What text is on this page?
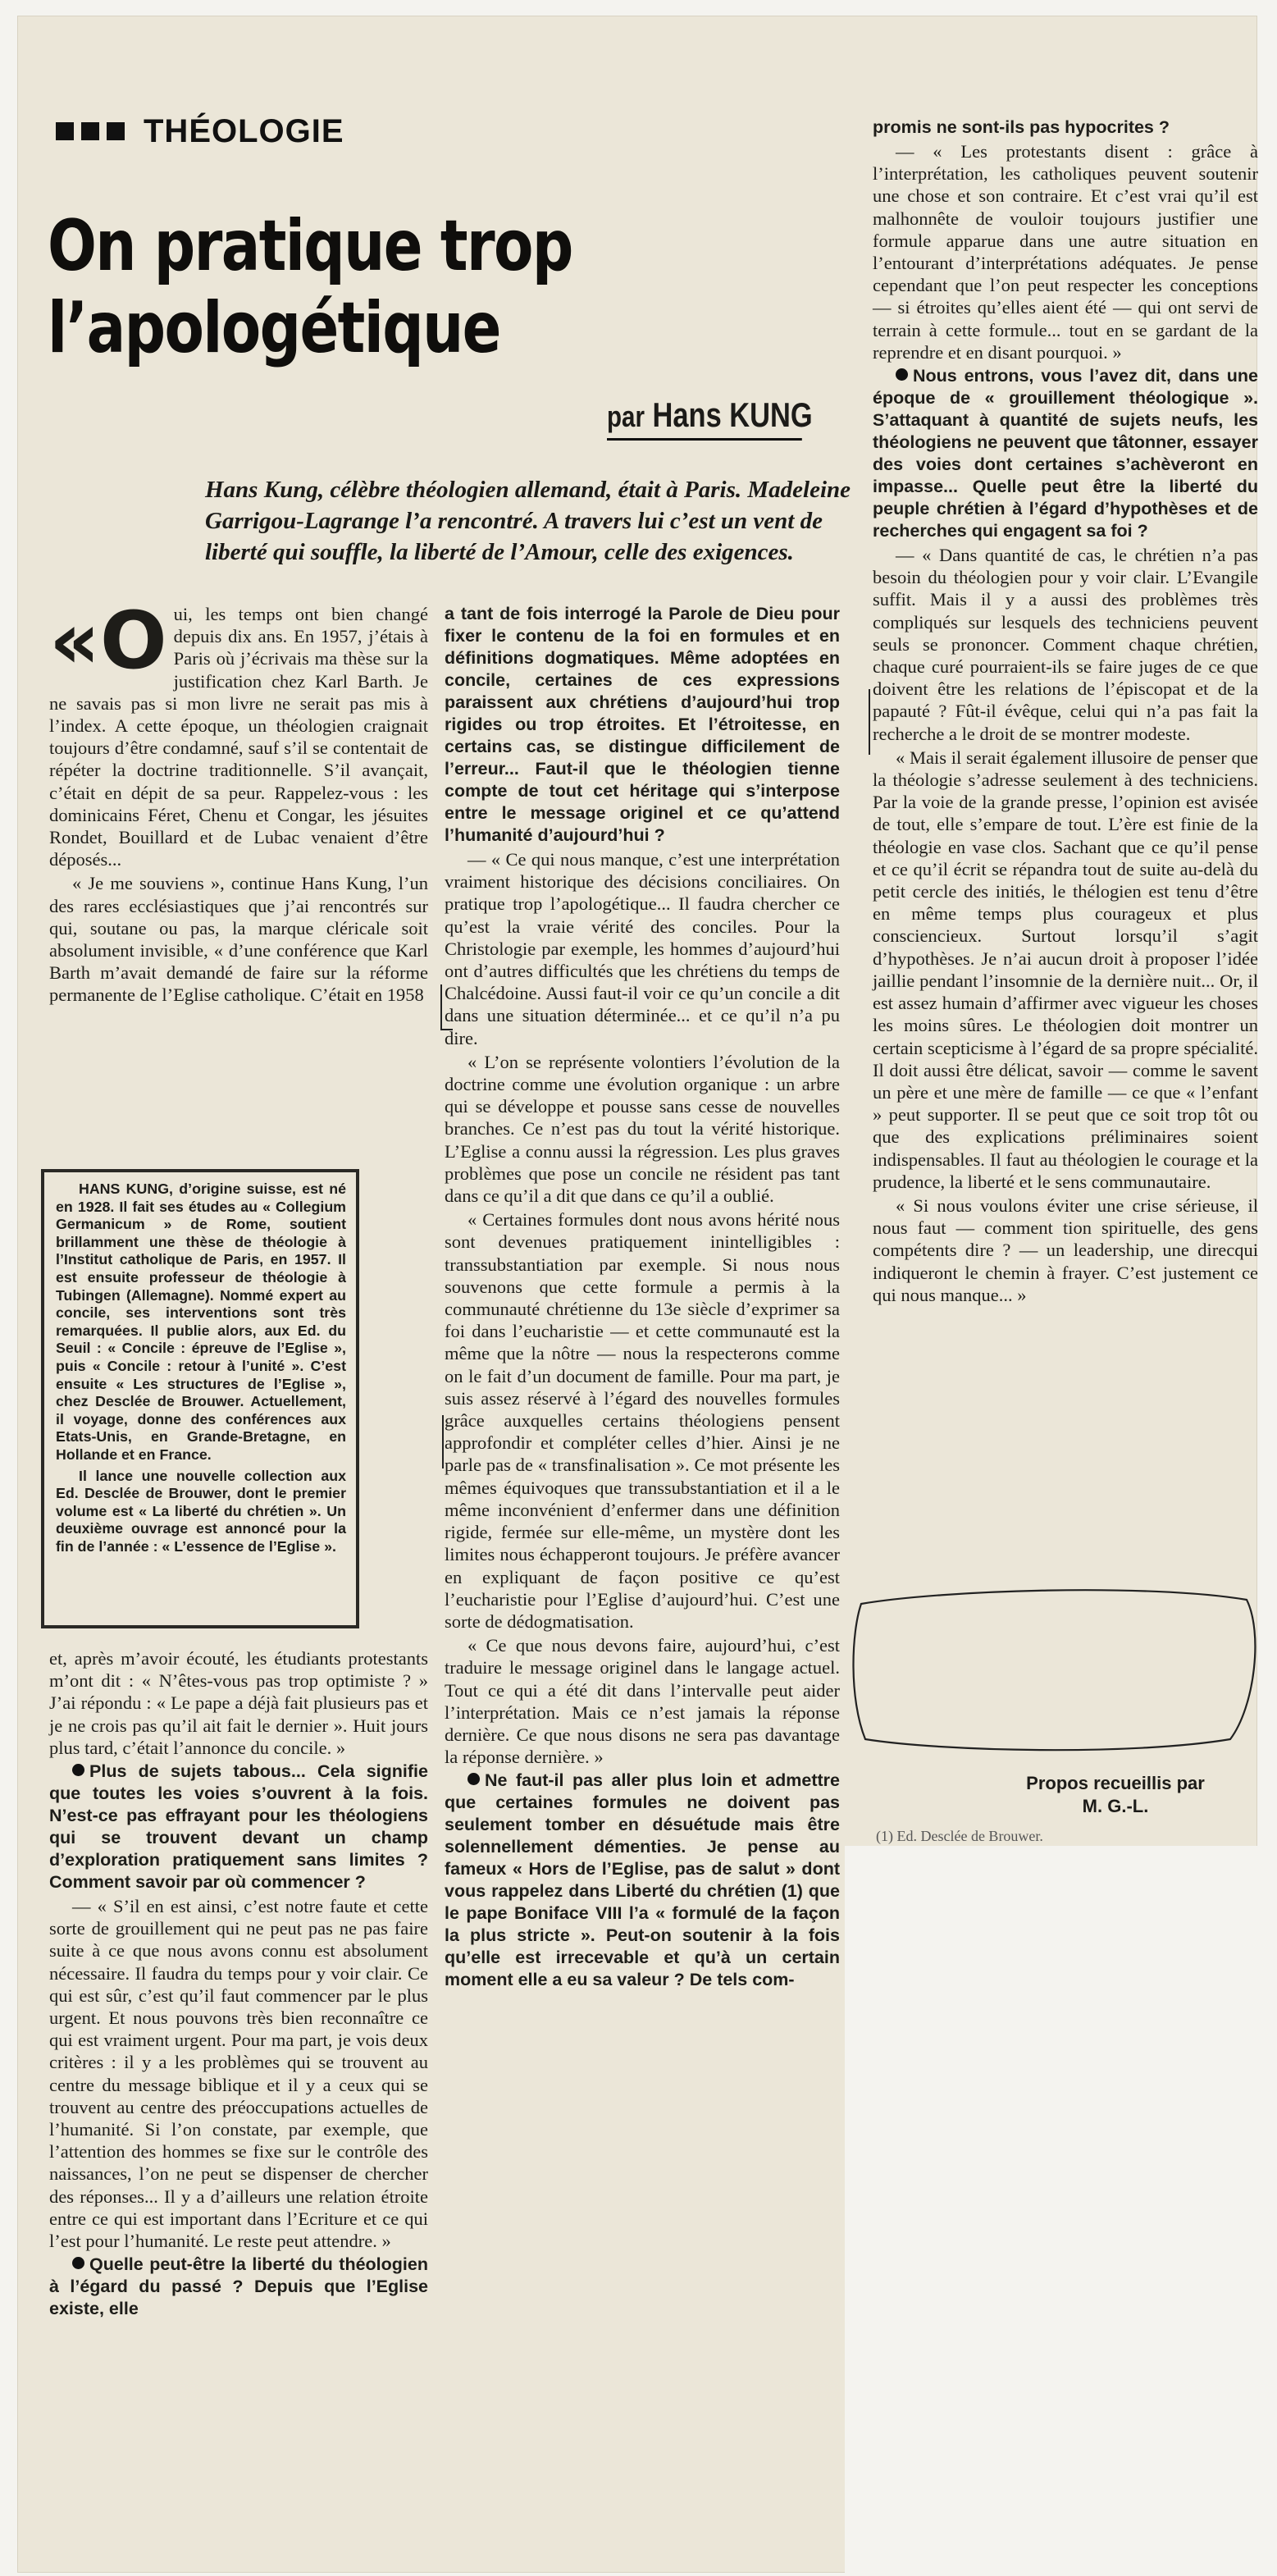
THÉOLOGIE
On pratique trop
l’apologétique
par Hans KUNG
Hans Kung, célèbre théologien allemand, était à Paris. Madeleine Garrigou-Lagrange l’a rencontré. A travers lui c’est un vent de liberté qui souffle, la liberté de l’Amour, celle des exigences.

«Oui, les temps ont bien changé depuis dix ans. En 1957, j’étais à Paris où j’écrivais ma thèse sur la justification chez Karl Barth. Je ne savais pas si mon livre ne serait pas mis à l’index. A cette époque, un théologien craignait toujours d’être condamné, sauf s’il se contentait de répéter la doctrine traditionnelle. S’il avançait, c’était en dépit de sa peur. Rappelez-vous : les dominicains Féret, Chenu et Congar, les jésuites Rondet, Bouillard et de Lubac venaient d’être déposés...

« Je me souviens », continue Hans Kung, l’un des rares ecclésiastiques que j’ai rencontrés sur qui, soutane ou pas, la marque cléricale soit absolument invisible, « d’une conférence que Karl Barth m’avait demandé de faire sur la réforme permanente de l’Eglise catholique. C’était en 1958

HANS KUNG, d’origine suisse, est né en 1928. Il fait ses études au « Collegium Germanicum » de Rome, soutient brillamment une thèse de théologie à l’Institut catholique de Paris, en 1957. Il est ensuite professeur de théologie à Tubingen (Allemagne). Nommé expert au concile, ses interventions sont très remarquées. Il publie alors, aux Ed. du Seuil : « Concile : épreuve de l’Eglise », puis « Concile : retour à l’unité ». C’est ensuite « Les structures de l’Eglise », chez Desclée de Brouwer. Actuellement, il voyage, donne des conférences aux Etats-Unis, en Grande-Bretagne, en Hollande et en France.

Il lance une nouvelle collection aux Ed. Desclée de Brouwer, dont le premier volume est « La liberté du chrétien ». Un deuxième ouvrage est annoncé pour la fin de l’année : « L’essence de l’Eglise ».

et, après m’avoir écouté, les étudiants protestants m’ont dit : « N’êtes-vous pas trop optimiste ? » J’ai répondu : « Le pape a déjà fait plusieurs pas et je ne crois pas qu’il ait fait le dernier ». Huit jours plus tard, c’était l’annonce du concile. »

Plus de sujets tabous... Cela signifie que toutes les voies s’ouvrent à la fois. N’est-ce pas effrayant pour les théologiens qui se trouvent devant un champ d’exploration pratiquement sans limites ? Comment savoir par où commencer ?

— « S’il en est ainsi, c’est notre faute et cette sorte de grouillement qui ne peut pas ne pas faire suite à ce que nous avons connu est absolument nécessaire. Il faudra du temps pour y voir clair. Ce qui est sûr, c’est qu’il faut commencer par le plus urgent. Et nous pouvons très bien reconnaître ce qui est vraiment urgent. Pour ma part, je vois deux critères : il y a les problèmes qui se trouvent au centre du message biblique et il y a ceux qui se trouvent au centre des préoccupations actuelles de l’humanité. Si l’on constate, par exemple, que l’attention des hommes se fixe sur le contrôle des naissances, l’on ne peut se dispenser de chercher des réponses... Il y a d’ailleurs une relation étroite entre ce qui est important dans l’Ecriture et ce qui l’est pour l’humanité. Le reste peut attendre. »

Quelle peut-être la liberté du théologien à l’égard du passé ? Depuis que l’Eglise existe, elle

a tant de fois interrogé la Parole de Dieu pour fixer le contenu de la foi en formules et en définitions dogmatiques. Même adoptées en concile, certaines de ces expressions paraissent aux chrétiens d’aujourd’hui trop rigides ou trop étroites. Et l’étroitesse, en certains cas, se distingue difficilement de l’erreur... Faut-il que le théologien tienne compte de tout cet héritage qui s’interpose entre le message originel et ce qu’attend l’humanité d’aujourd’hui ?

— « Ce qui nous manque, c’est une interprétation vraiment historique des décisions conciliaires. On pratique trop l’apologétique... Il faudra chercher ce qu’est la vraie vérité des conciles. Pour la Christologie par exemple, les hommes d’aujourd’hui ont d’autres difficultés que les chrétiens du temps de Chalcédoine. Aussi faut-il voir ce qu’un concile a dit dans une situation déterminée... et ce qu’il n’a pu dire.

« L’on se représente volontiers l’évolution de la doctrine comme une évolution organique : un arbre qui se développe et pousse sans cesse de nouvelles branches. Ce n’est pas du tout la vérité historique. L’Eglise a connu aussi la régression. Les plus graves problèmes que pose un concile ne résident pas tant dans ce qu’il a dit que dans ce qu’il a oublié.

« Certaines formules dont nous avons hérité nous sont devenues pratiquement inintelligibles : transsubstantiation par exemple. Si nous nous souvenons que cette formule a permis à la communauté chrétienne du 13e siècle d’exprimer sa foi dans l’eucharistie — et cette communauté est la même que la nôtre — nous la respecterons comme on le fait d’un document de famille. Pour ma part, je suis assez réservé à l’égard des nouvelles formules grâce auxquelles certains théologiens pensent approfondir et compléter celles d’hier. Ainsi je ne parle pas de « transfinalisation ». Ce mot présente les mêmes équivoques que transsubstantiation et il a le même inconvénient d’enfermer dans une définition rigide, fermée sur elle-même, un mystère dont les limites nous échapperont toujours. Je préfère avancer en expliquant de façon positive ce qu’est l’eucharistie pour l’Eglise d’aujourd’hui. C’est une sorte de dédogmatisation.

« Ce que nous devons faire, aujourd’hui, c’est traduire le message originel dans le langage actuel. Tout ce qui a été dit dans l’intervalle peut aider l’interprétation. Mais ce n’est jamais la réponse dernière. Ce que nous disons ne sera pas davantage la réponse dernière. »

Ne faut-il pas aller plus loin et admettre que certaines formules ne doivent pas seulement tomber en désuétude mais être solennellement démenties. Je pense au fameux « Hors de l’Eglise, pas de salut » dont vous rappelez dans Liberté du chrétien (1) que le pape Boniface VIII l’a « formulé de la façon la plus stricte ». Peut-on soutenir à la fois qu’elle est irrecevable et qu’à un certain moment elle a eu sa valeur ? De tels com-

promis ne sont-ils pas hypocrites ?

— « Les protestants disent : grâce à l’interprétation, les catholiques peuvent soutenir une chose et son contraire. Et c’est vrai qu’il est malhonnête de vouloir toujours justifier une formule apparue dans une autre situation en l’entourant d’interprétations adéquates. Je pense cependant que l’on peut respecter les conceptions — si étroites qu’elles aient été — qui ont servi de terrain à cette formule... tout en se gardant de la reprendre et en disant pourquoi. »

Nous entrons, vous l’avez dit, dans une époque de « grouillement théologique ». S’attaquant à quantité de sujets neufs, les théologiens ne peuvent que tâtonner, essayer des voies dont certaines s’achèveront en impasse... Quelle peut être la liberté du peuple chrétien à l’égard d’hypothèses et de recherches qui engagent sa foi ?

— « Dans quantité de cas, le chrétien n’a pas besoin du théologien pour y voir clair. L’Evangile suffit. Mais il y a aussi des problèmes très compliqués sur lesquels des techniciens peuvent seuls se prononcer. Comment chaque chrétien, chaque curé pourraient-ils se faire juges de ce que doivent être les relations de l’épiscopat et de la papauté ? Fût-il évêque, celui qui n’a pas fait la recherche a le droit de se montrer modeste.

« Mais il serait également illusoire de penser que la théologie s’adresse seulement à des techniciens. Par la voie de la grande presse, l’opinion est avisée de tout, elle s’empare de tout. L’ère est finie de la théologie en vase clos. Sachant que ce qu’il pense et ce qu’il écrit se répandra tout de suite au-delà du petit cercle des initiés, le thélogien est tenu d’être en même temps plus courageux et plus consciencieux. Surtout lorsqu’il s’agit d’hypothèses. Je n’ai aucun droit à proposer l’idée jaillie pendant l’insomnie de la dernière nuit... Or, il est assez humain d’affirmer avec vigueur les choses les moins sûres. Le théologien doit montrer un certain scepticisme à l’égard de sa propre spécialité. Il doit aussi être délicat, savoir — comme le savent un père et une mère de famille — ce que « l’enfant » peut supporter. Il se peut que ce soit trop tôt ou que des explications préliminaires soient indispensables. Il faut au théologien le courage et la prudence, la liberté et le sens communautaire.

« Si nous voulons éviter une crise sérieuse, il nous faut — comment tion spirituelle, des gens compétents dire ? — un leadership, une direcqui indiqueront le chemin à frayer. C’est justement ce qui nous manque... »

Propos recueillis par
M. G.-L.
(1) Ed. Desclée de Brouwer.
